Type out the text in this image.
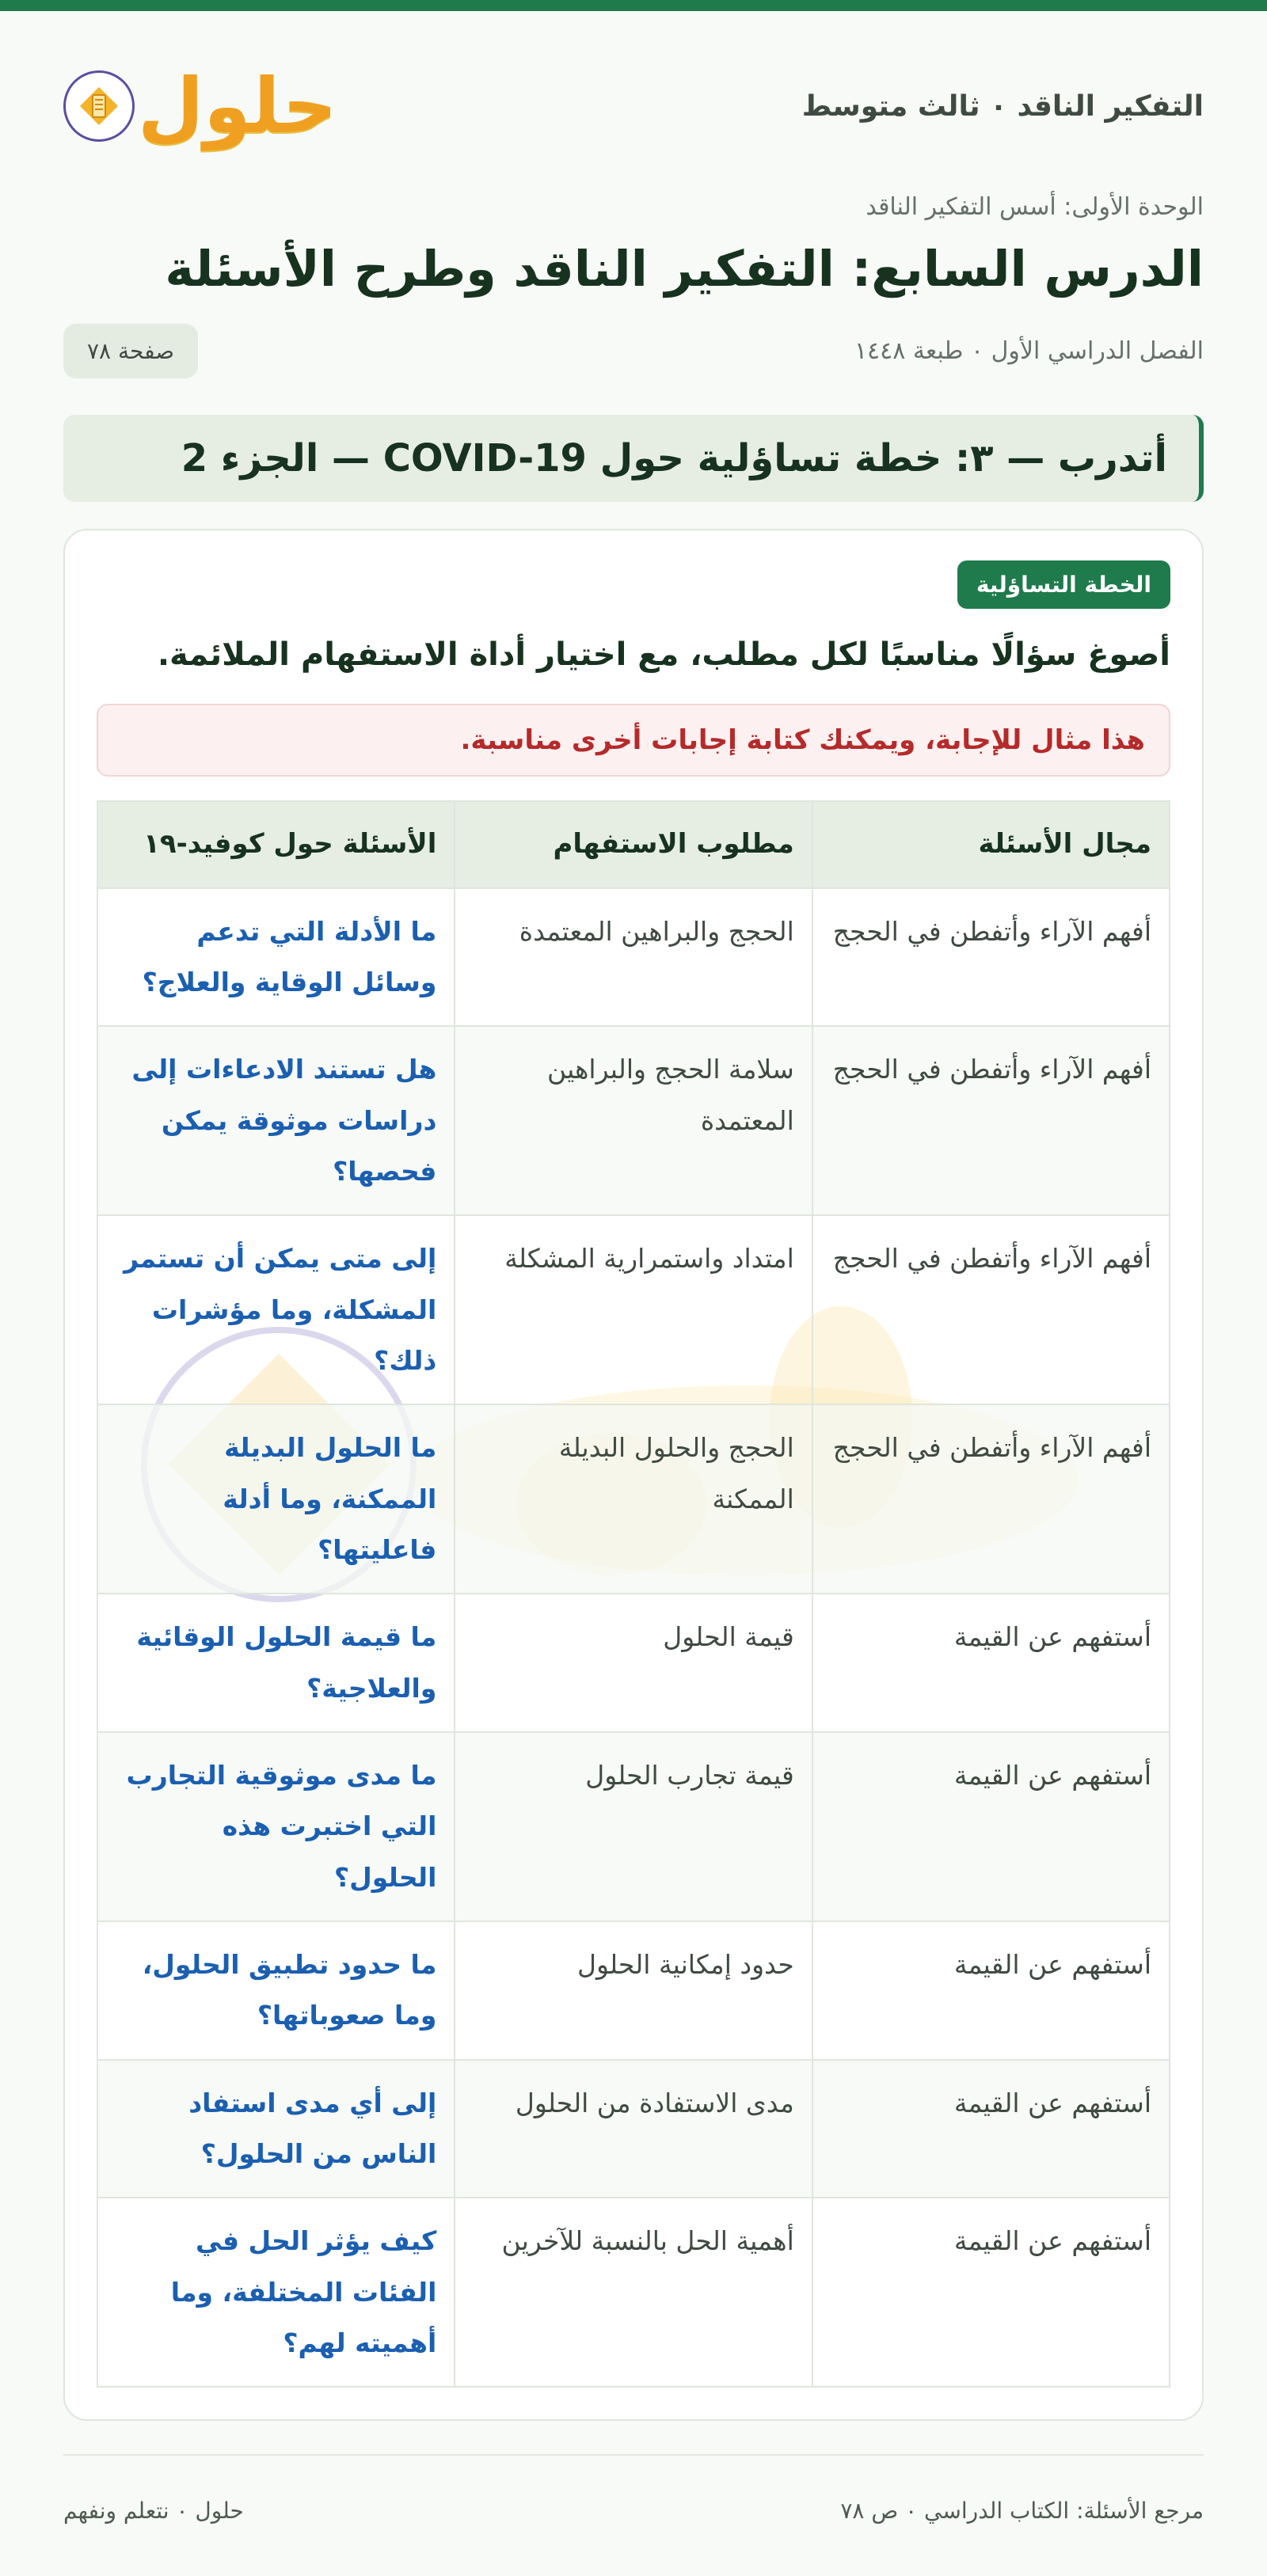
التفكير الناقد ٠ ثالث متوسط
حلول
الوحدة الأولى: أسس التفكير الناقد
الدرس السابع: التفكير الناقد وطرح الأسئلة
الفصل الدراسي الأول ٠ طبعة ١٤٤٨
صفحة ٧٨
أتدرب — ٣: خطة تساؤلية حول COVID-19 — الجزء 2
الخطة التساؤلية

أصوغ سؤالًا مناسبًا لكل مطلب، مع اختيار أداة الاستفهام الملائمة.

هذا مثال للإجابة، ويمكنك كتابة إجابات أخرى مناسبة.
مجال الأسئلة	مطلوب الاستفهام	الأسئلة حول كوفيد-١٩
أفهم الآراء وأتفطن في الحجج	الحجج والبراهين المعتمدة	ما الأدلة التي تدعم وسائل الوقاية والعلاج؟
أفهم الآراء وأتفطن في الحجج	سلامة الحجج والبراهين المعتمدة	هل تستند الادعاءات إلى دراسات موثوقة يمكن فحصها؟
أفهم الآراء وأتفطن في الحجج	امتداد واستمرارية المشكلة	إلى متى يمكن أن تستمر المشكلة، وما مؤشرات ذلك؟
أفهم الآراء وأتفطن في الحجج	الحجج والحلول البديلة الممكنة	ما الحلول البديلة الممكنة، وما أدلة فاعليتها؟
أستفهم عن القيمة	قيمة الحلول	ما قيمة الحلول الوقائية والعلاجية؟
أستفهم عن القيمة	قيمة تجارب الحلول	ما مدى موثوقية التجارب التي اختبرت هذه الحلول؟
أستفهم عن القيمة	حدود إمكانية الحلول	ما حدود تطبيق الحلول، وما صعوباتها؟
أستفهم عن القيمة	مدى الاستفادة من الحلول	إلى أي مدى استفاد الناس من الحلول؟
أستفهم عن القيمة	أهمية الحل بالنسبة للآخرين	كيف يؤثر الحل في الفئات المختلفة، وما أهميته لهم؟
مرجع الأسئلة: الكتاب الدراسي ٠ ص ٧٨
حلول ٠ نتعلم ونفهم
